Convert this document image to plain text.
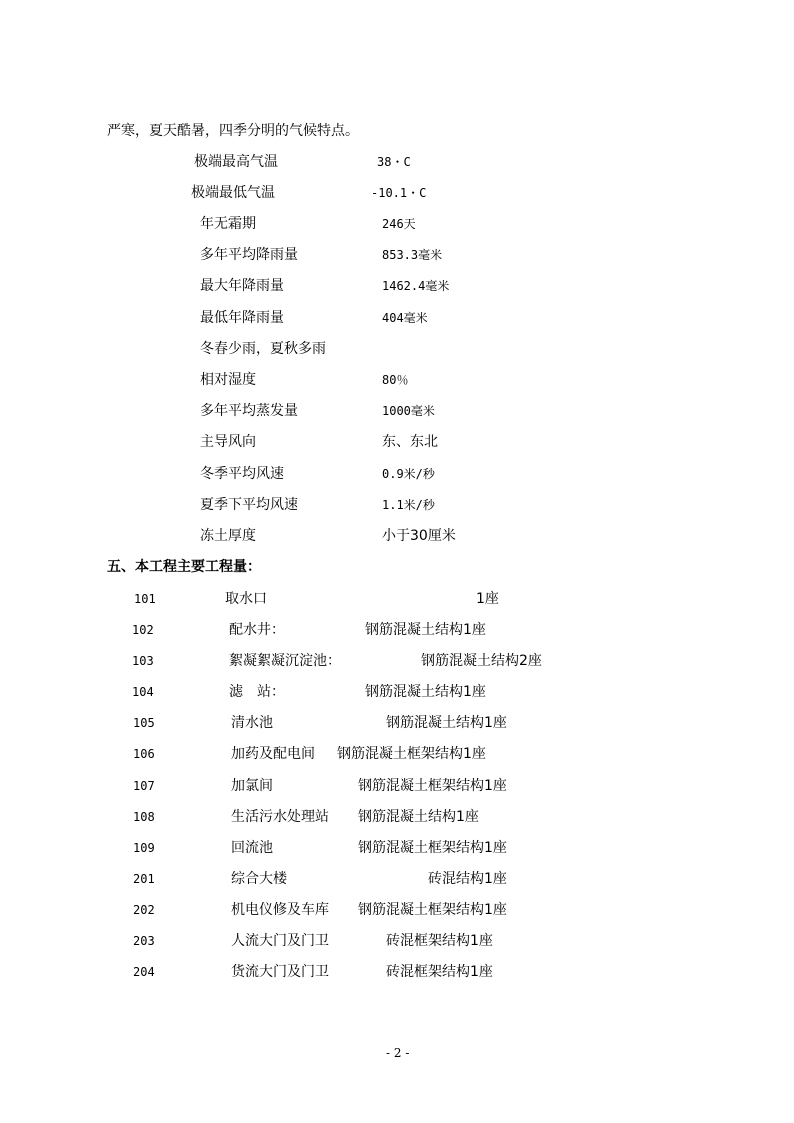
严寒，夏天酷暑，四季分明的气候特点。
极端最高气温	38・C
极端最低气温	-10.1・C
年无霜期	246天
多年平均降雨量	853.3毫米
最大年降雨量	1462.4毫米
最低年降雨量	404毫米
冬春少雨，夏秋多雨
相对湿度	80％
多年平均蒸发量	1000毫米
主导风向	东、东北
冬季平均风速	0.9米/秒
夏季下平均风速	1.1米/秒
冻土厚度	小于30厘米
五、本工程主要工程量：
101	取水口	1座
102	配水井：	钢筋混凝土结构1座
103	絮凝絮凝沉淀池：	钢筋混凝土结构2座
104	滤　站：	钢筋混凝土结构1座
105	清水池	钢筋混凝土结构1座
106	加药及配电间 钢筋混凝土框架结构1座
107	加氯间	钢筋混凝土框架结构1座
108	生活污水处理站 钢筋混凝土结构1座
109	回流池	钢筋混凝土框架结构1座
201	综合大楼	砖混结构1座
202	机电仪修及车库 钢筋混凝土框架结构1座
203	人流大门及门卫	砖混框架结构1座
204	货流大门及门卫	砖混框架结构1座
- 2 -
